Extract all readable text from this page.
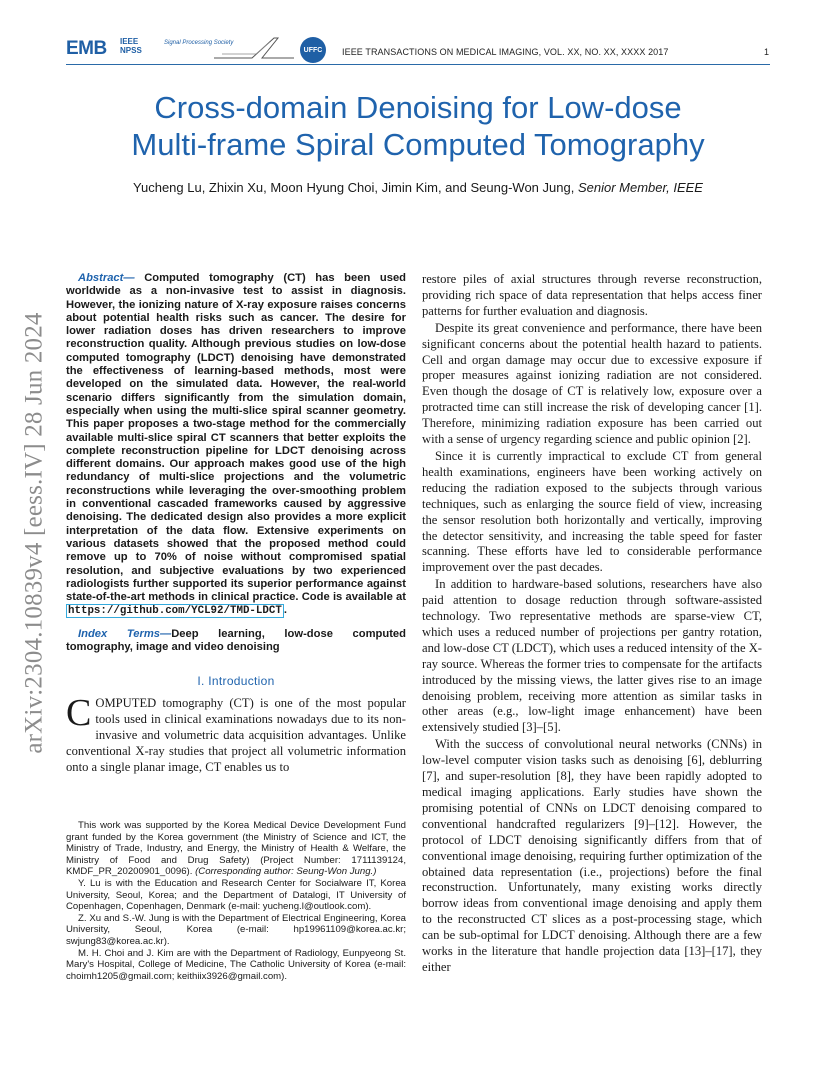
arXiv:2304.10839v4 [eess.IV] 28 Jun 2024
EMB IEEE NPSS
Signal Processing Society
UFFC	IEEE TRANSACTIONS ON MEDICAL IMAGING, VOL. XX, NO. XX, XXXX 2017	1
Cross-domain Denoising for Low-dose
Multi-frame Spiral Computed Tomography

Yucheng Lu, Zhixin Xu, Moon Hyung Choi, Jimin Kim, and Seung-Won Jung, Senior Member, IEEE

Abstract— Computed tomography (CT) has been used worldwide as a non-invasive test to assist in diagnosis. However, the ionizing nature of X-ray exposure raises concerns about potential health risks such as cancer. The desire for lower radiation doses has driven researchers to improve reconstruction quality. Although previous studies on low-dose computed tomography (LDCT) denoising have demonstrated the effectiveness of learning-based methods, most were developed on the simulated data. However, the real-world scenario differs significantly from the simulation domain, especially when using the multi-slice spiral scanner geometry. This paper proposes a two-stage method for the commercially available multi-slice spiral CT scanners that better exploits the complete reconstruction pipeline for LDCT denoising across different domains. Our approach makes good use of the high redundancy of multi-slice projections and the volumetric reconstructions while leveraging the over-smoothing problem in conventional cascaded frameworks caused by aggressive denoising. The dedicated design also provides a more explicit interpretation of the data flow. Extensive experiments on various datasets showed that the proposed method could remove up to 70% of noise without compromised spatial resolution, and subjective evaluations by two experienced radiologists further supported its superior performance against state-of-the-art methods in clinical practice. Code is available at https://github.com/YCL92/TMD-LDCT .

Index Terms—Deep learning, low-dose computed tomography, image and video denoising

I. Introduction

COMPUTED tomography (CT) is one of the most popular tools used in clinical examinations nowadays due to its non-invasive and volumetric data acquisition advantages. Unlike conventional X-ray studies that project all volumetric information onto a single planar image, CT enables us to

This work was supported by the Korea Medical Device Development Fund grant funded by the Korea government (the Ministry of Science and ICT, the Ministry of Trade, Industry, and Energy, the Ministry of Health & Welfare, the Ministry of Food and Drug Safety) (Project Number: 1711139124, KMDF_PR_20200901_0096). (Corresponding author: Seung-Won Jung.)

Y. Lu is with the Education and Research Center for Socialware IT, Korea University, Seoul, Korea; and the Department of Datalogi, IT University of Copenhagen, Copenhagen, Denmark (e-mail: yucheng.l@outlook.com).

Z. Xu and S.-W. Jung is with the Department of Electrical Engineering, Korea University, Seoul, Korea (e-mail: hp19961109@korea.ac.kr; swjung83@korea.ac.kr).

M. H. Choi and J. Kim are with the Department of Radiology, Eunpyeong St. Mary's Hospital, College of Medicine, The Catholic University of Korea (e-mail: choimh1205@gmail.com; keithiix3926@gmail.com).

restore piles of axial structures through reverse reconstruction, providing rich space of data representation that helps access finer patterns for further evaluation and diagnosis.

Despite its great convenience and performance, there have been significant concerns about the potential health hazard to patients. Cell and organ damage may occur due to excessive exposure if proper measures against ionizing radiation are not considered. Even though the dosage of CT is relatively low, exposure over a protracted time can still increase the risk of developing cancer [1]. Therefore, minimizing radiation exposure has been carried out with a sense of urgency regarding science and public opinion [2].

Since it is currently impractical to exclude CT from general health examinations, engineers have been working actively on reducing the radiation exposed to the subjects through various techniques, such as enlarging the source field of view, increasing the sensor resolution both horizontally and vertically, improving the detector sensitivity, and increasing the table speed for faster scanning. These efforts have led to considerable performance improvement over the past decades.

In addition to hardware-based solutions, researchers have also paid attention to dosage reduction through software-assisted technology. Two representative methods are sparse-view CT, which uses a reduced number of projections per gantry rotation, and low-dose CT (LDCT), which uses a reduced intensity of the X-ray source. Whereas the former tries to compensate for the artifacts introduced by the missing views, the latter gives rise to an image denoising problem, receiving more attention as similar tasks in other areas (e.g., low-light image enhancement) have been extensively studied [3]–[5].

With the success of convolutional neural networks (CNNs) in low-level computer vision tasks such as denoising [6], deblurring [7], and super-resolution [8], they have been rapidly adopted to medical imaging applications. Early studies have shown the promising potential of CNNs on LDCT denoising compared to conventional handcrafted regularizers [9]–[12]. However, the protocol of LDCT denoising significantly differs from that of conventional image denoising, requiring further optimization of the obtained data representation (i.e., projections) before the final reconstruction. Unfortunately, many existing works directly borrow ideas from conventional image denoising and apply them to the reconstructed CT slices as a post-processing stage, which can be sub-optimal for LDCT denoising. Although there are a few works in the literature that handle projection data [13]–[17], they either
